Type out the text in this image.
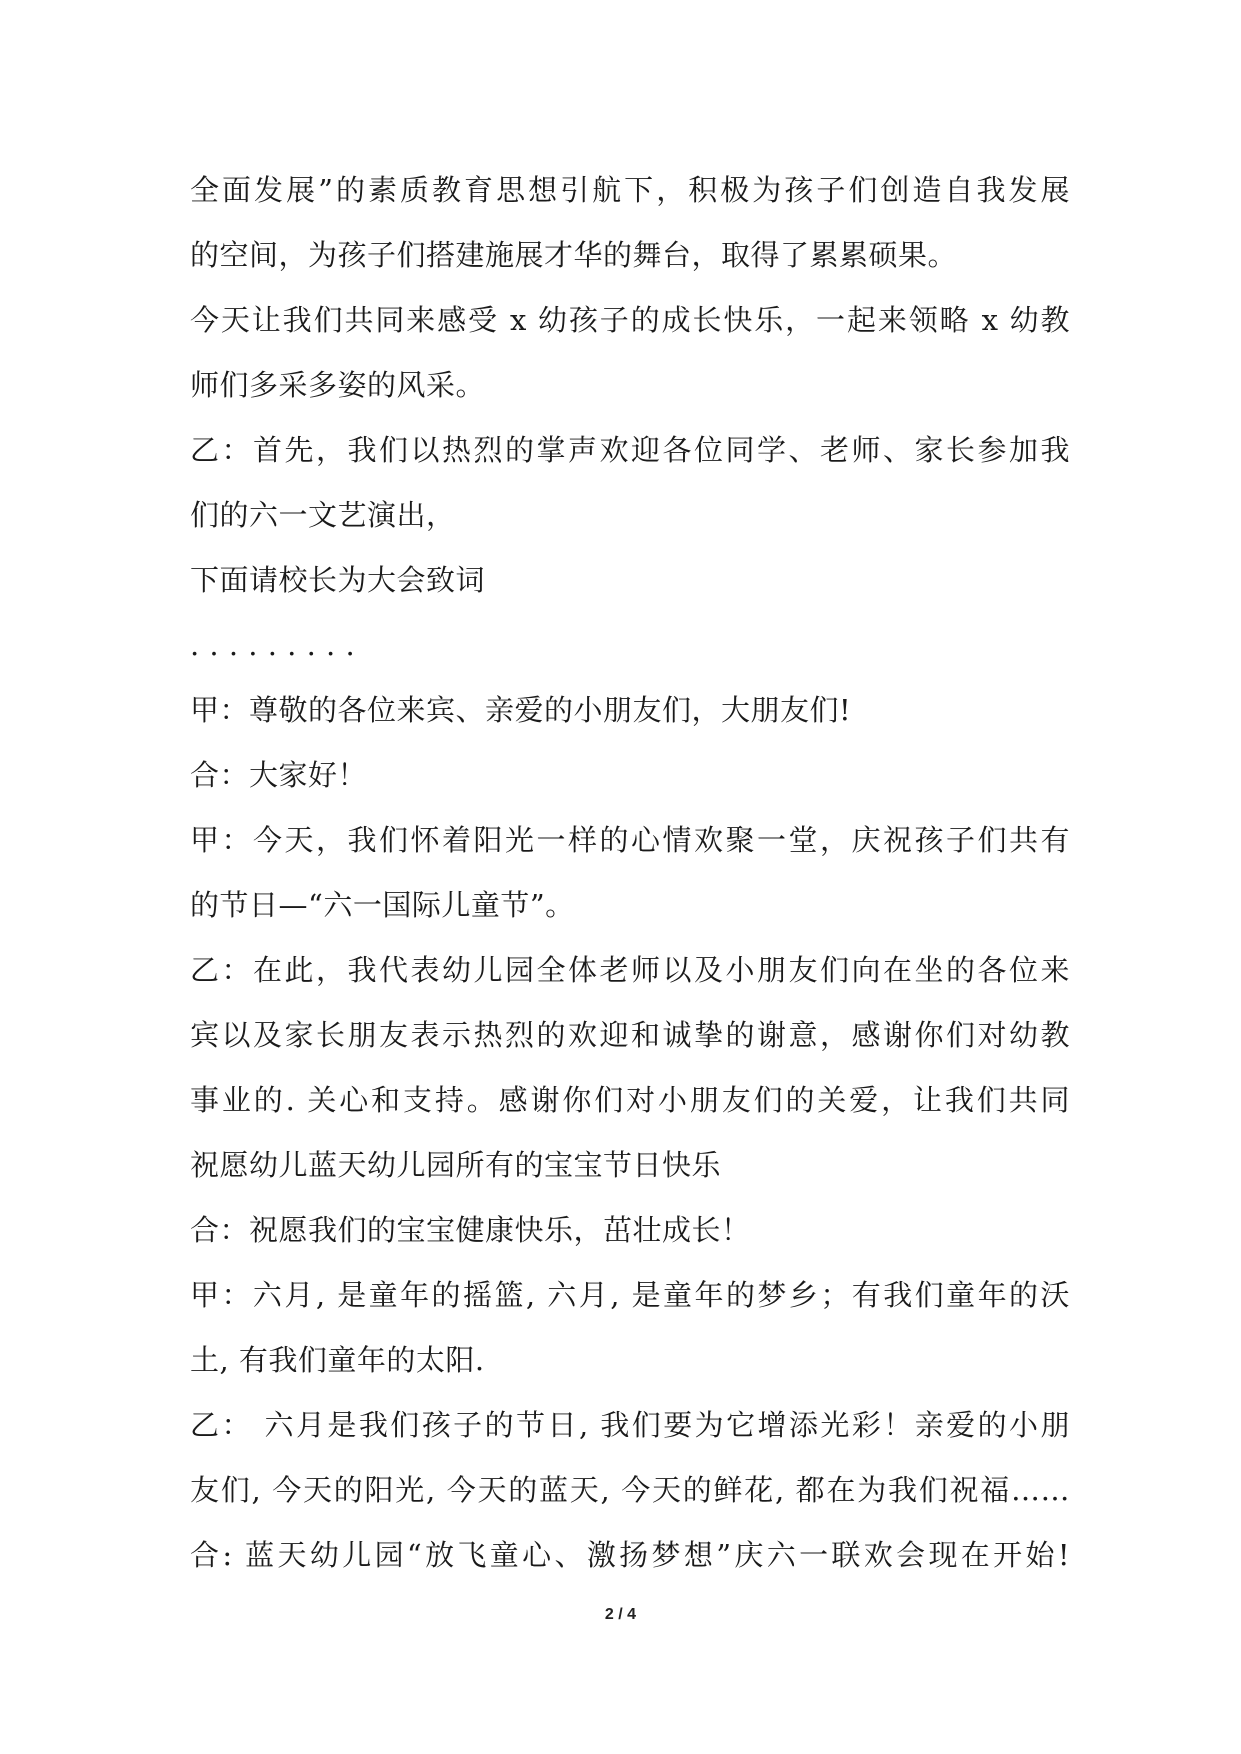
全面发展”的素质教育思想引航下，积极为孩子们创造自我发展
的空间，为孩子们搭建施展才华的舞台，取得了累累硕果。
今天让我们共同来感受 x 幼孩子的成长快乐，一起来领略 x 幼教
师们多采多姿的风采。
乙：首先，我们以热烈的掌声欢迎各位同学、老师、家长参加我
们的六一文艺演出，
下面请校长为大会致词
. . . . . . . . .
甲：尊敬的各位来宾、亲爱的小朋友们，大朋友们!
合：大家好！
甲：今天，我们怀着阳光一样的心情欢聚一堂，庆祝孩子们共有
的节日—“六一国际儿童节”。
乙：在此，我代表幼儿园全体老师以及小朋友们向在坐的各位来
宾以及家长朋友表示热烈的欢迎和诚挚的谢意，感谢你们对幼教
事业的. 关心和支持。感谢你们对小朋友们的关爱，让我们共同
祝愿幼儿蓝天幼儿园所有的宝宝节日快乐
合：祝愿我们的宝宝健康快乐，茁壮成长！
甲：六月, 是童年的摇篮, 六月, 是童年的梦乡；有我们童年的沃
土, 有我们童年的太阳.
乙： 六月是我们孩子的节日, 我们要为它增添光彩！亲爱的小朋
友们, 今天的阳光, 今天的蓝天, 今天的鲜花, 都在为我们祝福……
合: 蓝天幼儿园“放飞童心、激扬梦想”庆六一联欢会现在开始!
2 / 4
